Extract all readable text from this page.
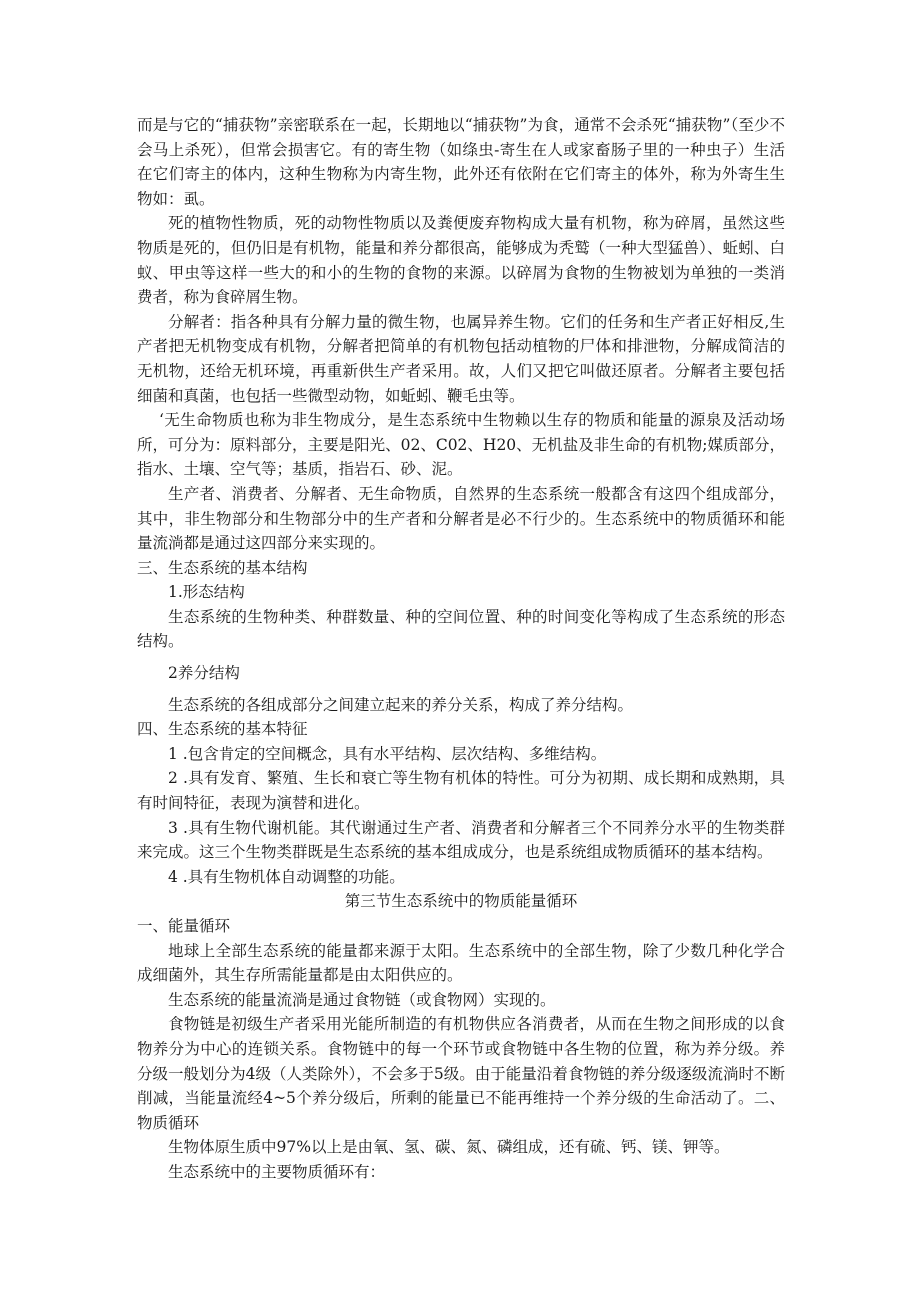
而是与它的“捕获物”亲密联系在一起，长期地以“捕获物”为食，通常不会杀死“捕获物”（至少不会马上杀死），但常会损害它。有的寄生物（如绦虫-寄生在人或家畜肠子里的一种虫子）生活在它们寄主的体内，这种生物称为内寄生物，此外还有依附在它们寄主的体外，称为外寄生生物如：虱。

死的植物性物质，死的动物性物质以及粪便废弃物构成大量有机物，称为碎屑，虽然这些物质是死的，但仍旧是有机物，能量和养分都很高，能够成为秃鹫（一种大型猛兽）、蚯蚓、白蚁、甲虫等这样一些大的和小的生物的食物的来源。以碎屑为食物的生物被划为单独的一类消费者，称为食碎屑生物。

分解者：指各种具有分解力量的微生物，也属异养生物。它们的任务和生产者正好相反,生产者把无机物变成有机物，分解者把简单的有机物包括动植物的尸体和排泄物，分解成简洁的无机物，还给无机环境，再重新供生产者采用。故，人们又把它叫做还原者。分解者主要包括细菌和真菌，也包括一些微型动物，如蚯蚓、鞭毛虫等。

‘无生命物质也称为非生物成分，是生态系统中生物赖以生存的物质和能量的源泉及活动场所，可分为：原料部分，主要是阳光、02、C02、H20、无机盐及非生命的有机物;媒质部分，指水、土壤、空气等；基质，指岩石、砂、泥。

生产者、消费者、分解者、无生命物质，自然界的生态系统一般都含有这四个组成部分，其中，非生物部分和生物部分中的生产者和分解者是必不行少的。生态系统中的物质循环和能量流淌都是通过这四部分来实现的。

三、生态系统的基本结构

1.形态结构

生态系统的生物种类、种群数量、种的空间位置、种的时间变化等构成了生态系统的形态结构。

2养分结构

生态系统的各组成部分之间建立起来的养分关系，构成了养分结构。

四、生态系统的基本特征

1 .包含肯定的空间概念，具有水平结构、层次结构、多维结构。

2 .具有发育、繁殖、生长和衰亡等生物有机体的特性。可分为初期、成长期和成熟期，具有时间特征，表现为演替和进化。

3 .具有生物代谢机能。其代谢通过生产者、消费者和分解者三个不同养分水平的生物类群来完成。这三个生物类群既是生态系统的基本组成成分，也是系统组成物质循环的基本结构。

4 .具有生物机体自动调整的功能。

第三节生态系统中的物质能量循环

一、能量循环

地球上全部生态系统的能量都来源于太阳。生态系统中的全部生物，除了少数几种化学合成细菌外，其生存所需能量都是由太阳供应的。

生态系统的能量流淌是通过食物链（或食物网）实现的。

食物链是初级生产者采用光能所制造的有机物供应各消费者，从而在生物之间形成的以食物养分为中心的连锁关系。食物链中的每一个环节或食物链中各生物的位置，称为养分级。养分级一般划分为4级（人类除外），不会多于5级。由于能量沿着食物链的养分级逐级流淌时不断削减，当能量流经4~5个养分级后，所剩的能量已不能再维持一个养分级的生命活动了。二、物质循环

生物体原生质中97%以上是由氧、氢、碳、氮、磷组成，还有硫、钙、镁、钾等。

生态系统中的主要物质循环有：
